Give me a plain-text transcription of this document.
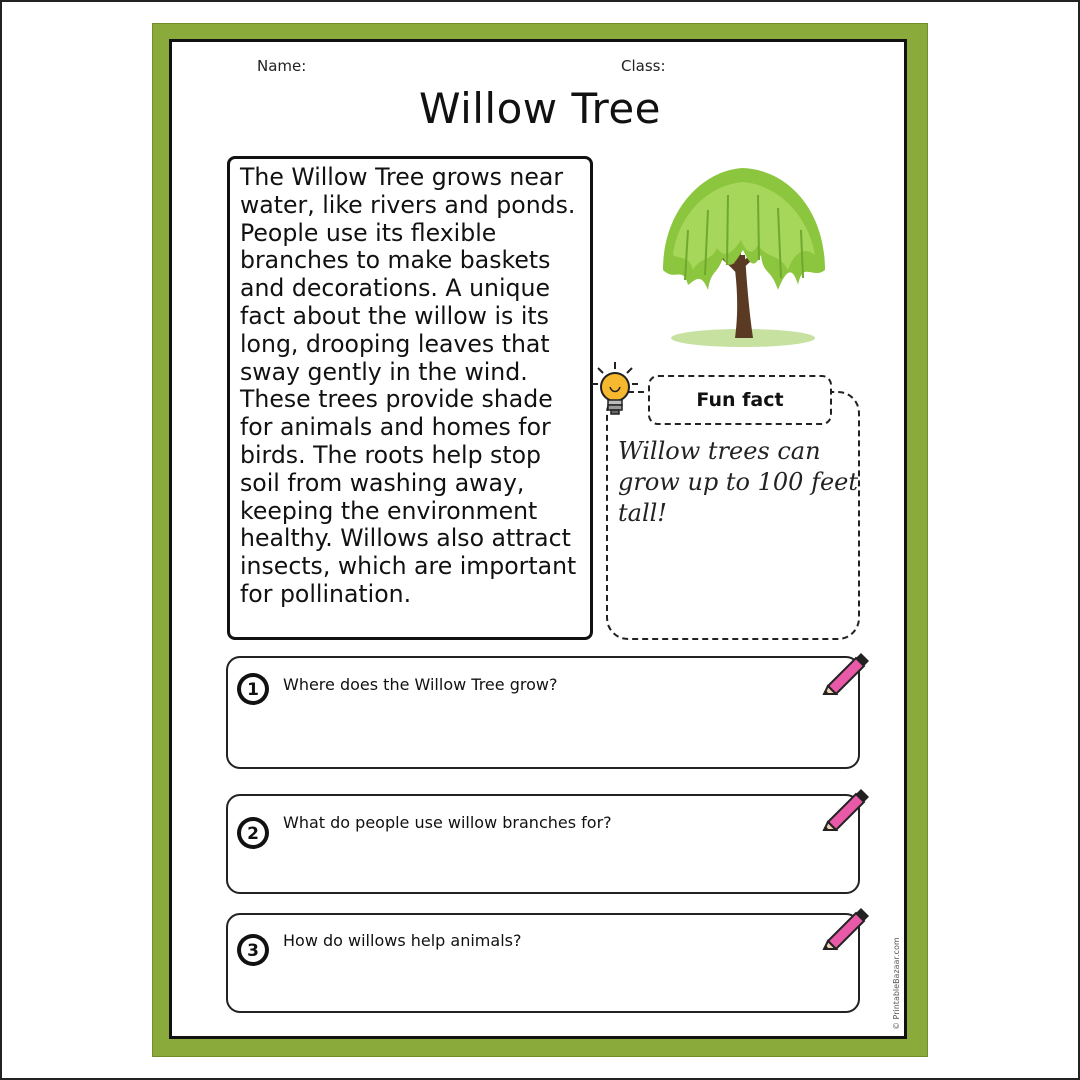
Name:	Class:
Willow Tree

The Willow Tree grows near water, like rivers and ponds. People use its flexible branches to make baskets and decorations. A unique fact about the willow is its long, drooping leaves that sway gently in the wind. These trees provide shade for animals and homes for birds. The roots help stop soil from washing away, keeping the environment healthy. Willows also attract insects, which are important for pollination.

Fun fact

Willow trees can grow up to 100 feet tall!

1 Where does the Willow Tree grow?
2
What do people use willow branches for?
3
How do willows help animals?	© PrintableBazaar.com
